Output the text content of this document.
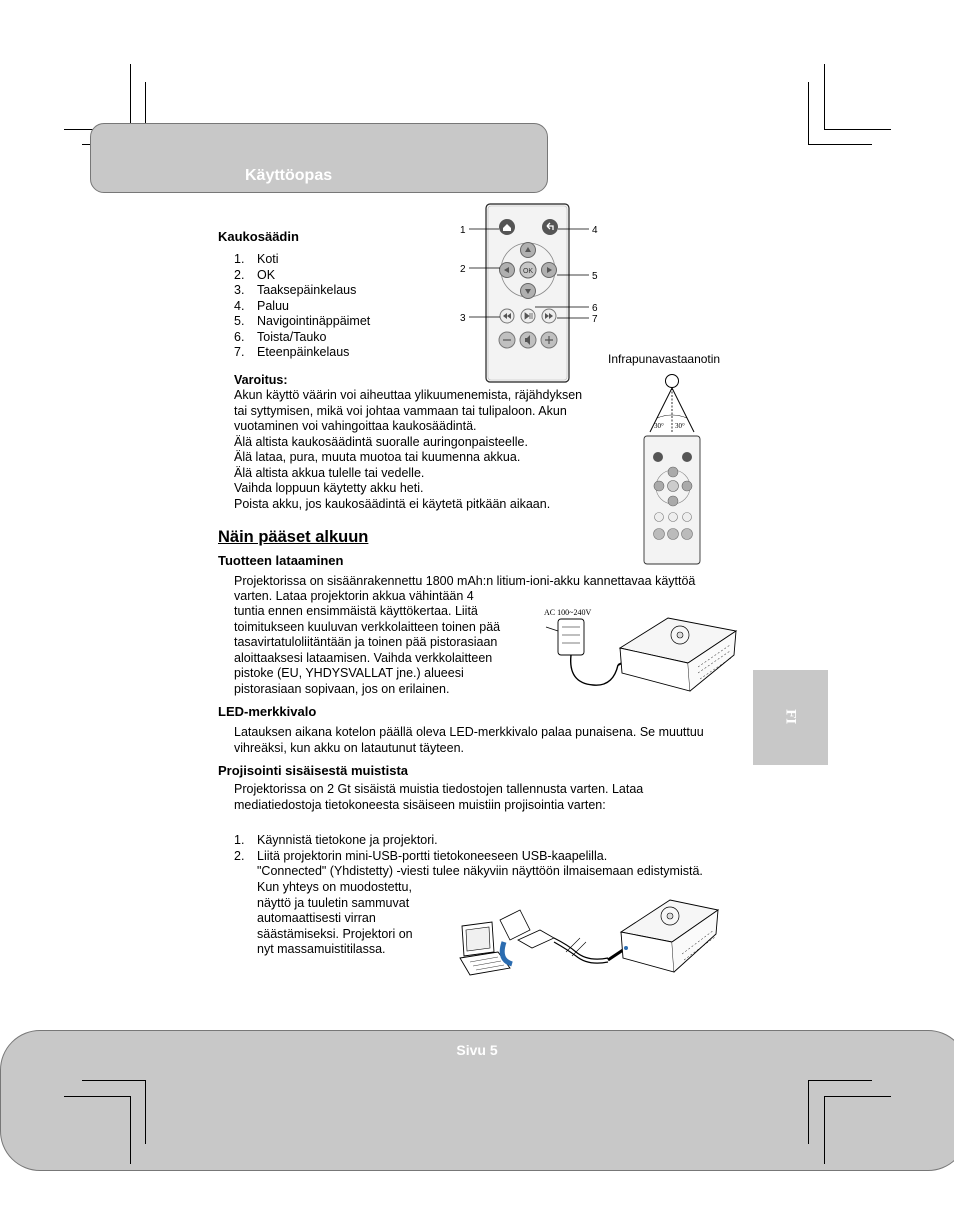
Käyttöopas
FI
Kaukosäädin
1. Koti
2. OK
3. Taaksepäinkelaus
4. Paluu
5. Navigointinäppäimet
6. Toista/Tauko
7. Eteenpäinkelaus
OK
1
2
3
4
5
6
7
Infrapunavastaanotin
30° 30°
Varoitus:
Akun käyttö väärin voi aiheuttaa ylikuumenemista, räjähdyksen
tai syttymisen, mikä voi johtaa vammaan tai tulipaloon. Akun
vuotaminen voi vahingoittaa kaukosäädintä.
Älä altista kaukosäädintä suoralle auringonpaisteelle.
Älä lataa, pura, muuta muotoa tai kuumenna akkua.
Älä altista akkua tulelle tai vedelle.
Vaihda loppuun käytetty akku heti.
Poista akku, jos kaukosäädintä ei käytetä pitkään aikaan.
Näin pääset alkuun
Tuotteen lataaminen
Projektorissa on sisäänrakennettu 1800 mAh:n litium-ioni-akku kannettavaa käyttöä
varten. Lataa projektorin akkua vähintään 4
tuntia ennen ensimmäistä käyttökertaa. Liitä
toimitukseen kuuluvan verkkolaitteen toinen pää
tasavirtatuloliitäntään ja toinen pää pistorasiaan
aloittaaksesi lataamisen. Vaihda verkkolaitteen
pistoke (EU, YHDYSVALLAT jne.) alueesi
pistorasiaan sopivaan, jos on erilainen.
AC 100~240V
LED-merkkivalo
Latauksen aikana kotelon päällä oleva LED-merkkivalo palaa punaisena. Se muuttuu
vihreäksi, kun akku on latautunut täyteen.
Projisointi sisäisestä muistista
Projektorissa on 2 Gt sisäistä muistia tiedostojen tallennusta varten. Lataa
mediatiedostoja tietokoneesta sisäiseen muistiin projisointia varten:
1. Käynnistä tietokone ja projektori.
2. Liitä projektorin mini-USB-portti tietokoneeseen USB-kaapelilla.
"Connected" (Yhdistetty) -viesti tulee näkyviin näyttöön ilmaisemaan edistymistä.
Kun yhteys on muodostettu,
näyttö ja tuuletin sammuvat
automaattisesti virran
säästämiseksi. Projektori on
nyt massamuistitilassa.
Sivu 5
